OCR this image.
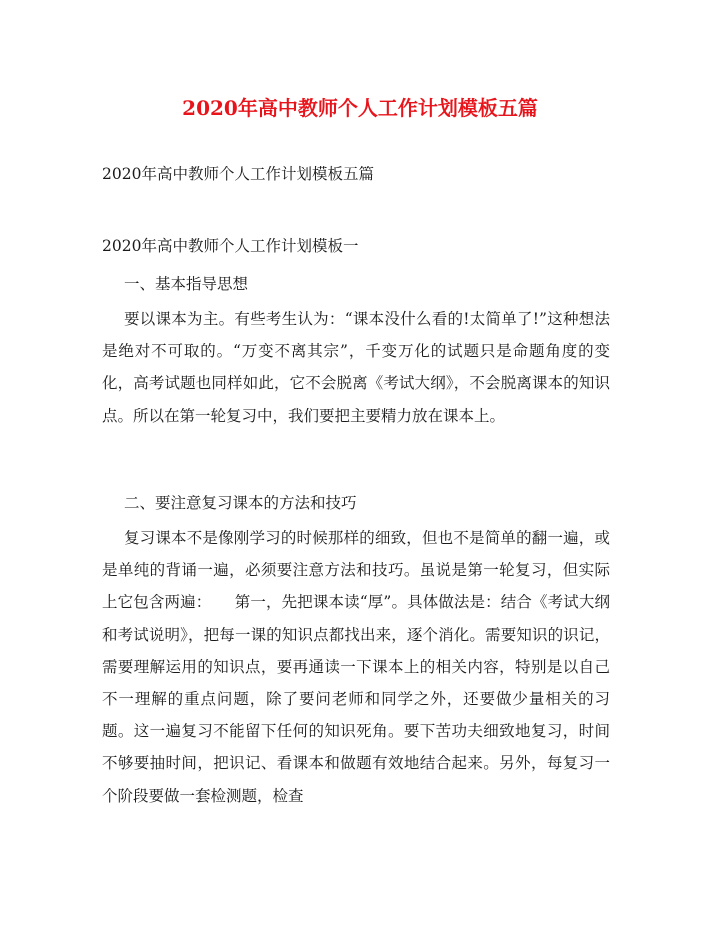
2020年高中教师个人工作计划模板五篇
2020年高中教师个人工作计划模板五篇
2020年高中教师个人工作计划模板一
一、基本指导思想
要以课本为主。有些考生认为：“课本没什么看的!太简单了!”这种想法是绝对不可取的。“万变不离其宗”，千变万化的试题只是命题角度的变化，高考试题也同样如此，它不会脱离《考试大纲》，不会脱离课本的知识点。所以在第一轮复习中，我们要把主要精力放在课本上。
二、要注意复习课本的方法和技巧
复习课本不是像刚学习的时候那样的细致，但也不是简单的翻一遍，或是单纯的背诵一遍，必须要注意方法和技巧。虽说是第一轮复习，但实际上它包含两遍：　　第一，先把课本读“厚”。具体做法是：结合《考试大纲和考试说明》，把每一课的知识点都找出来，逐个消化。需要知识的识记，需要理解运用的知识点，要再通读一下课本上的相关内容，特别是以自己不一理解的重点问题，除了要问老师和同学之外，还要做少量相关的习题。这一遍复习不能留下任何的知识死角。要下苦功夫细致地复习，时间不够要抽时间，把识记、看课本和做题有效地结合起来。另外，每复习一个阶段要做一套检测题，检查
